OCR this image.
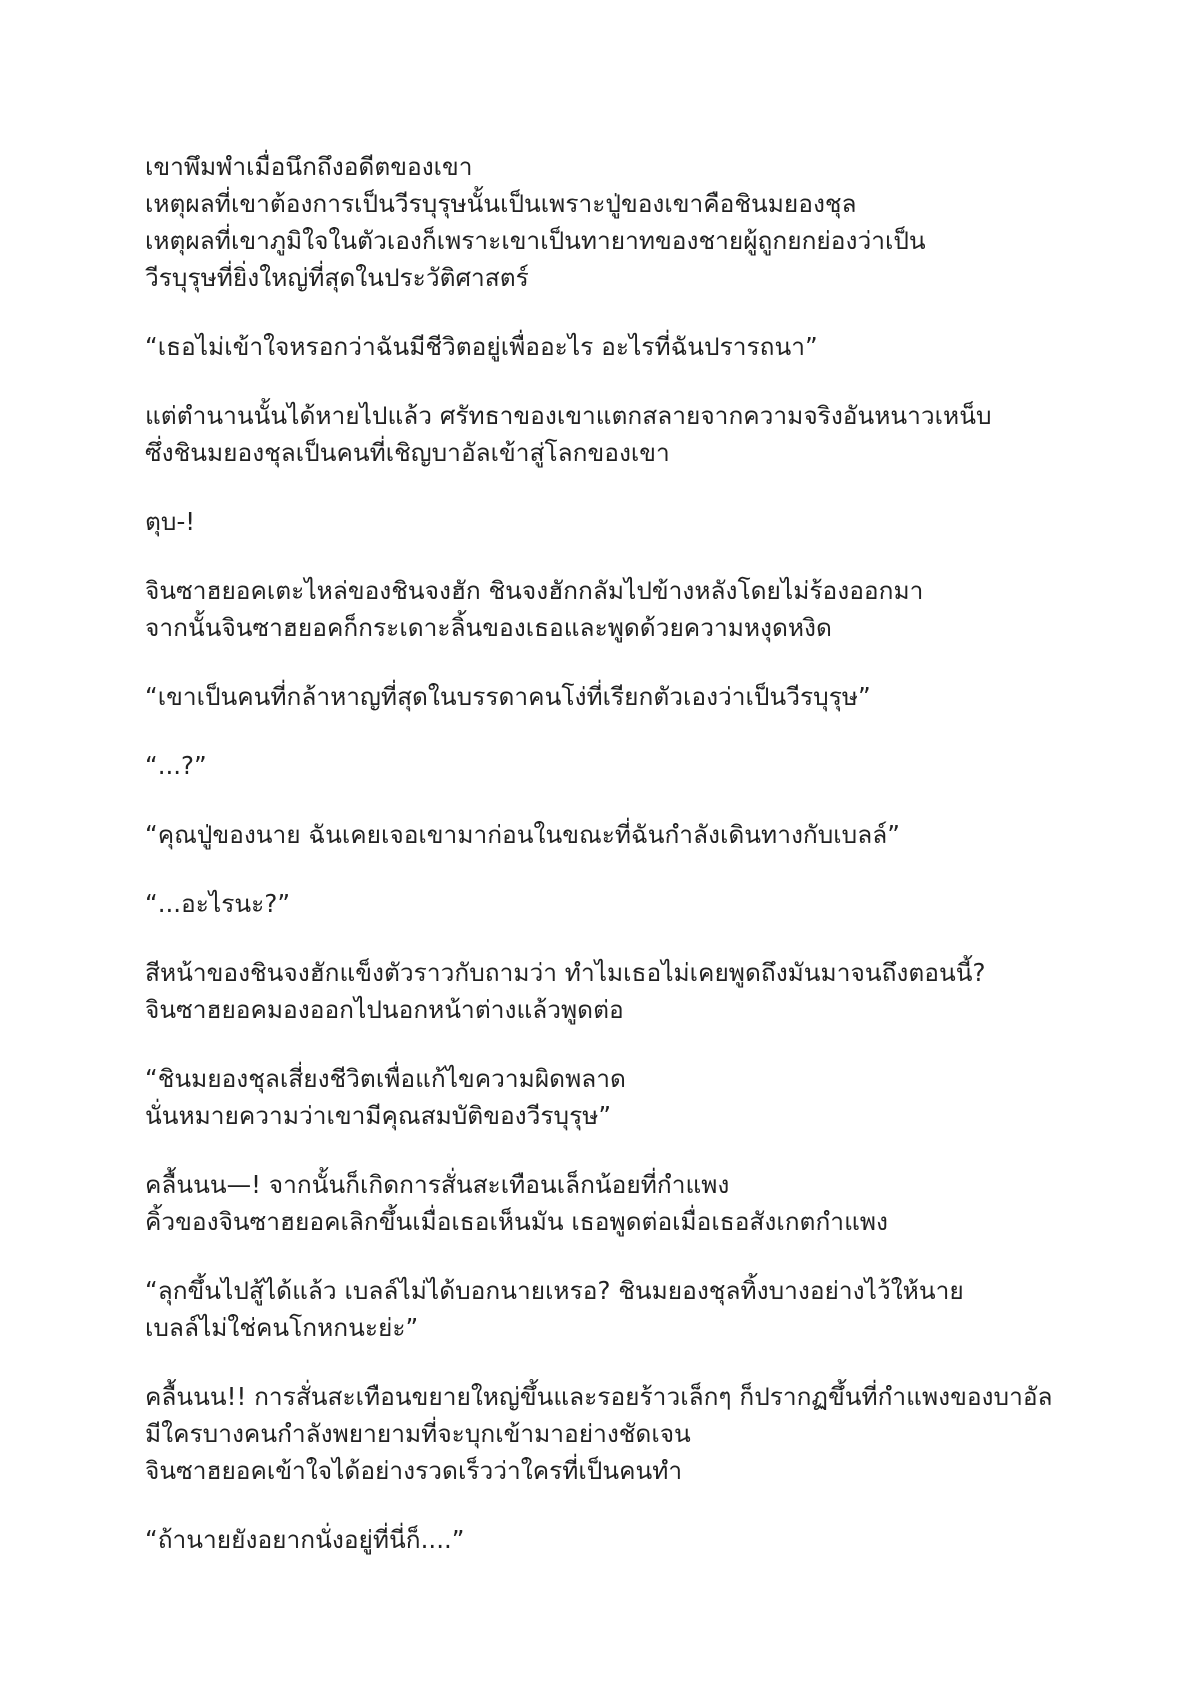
เขาพึมพำเมื่อนึกถึงอดีตของเขา
เหตุผลที่เขาต้องการเป็นวีรบุรุษนั้นเป็นเพราะปู่ของเขาคือชินมยองชุล
เหตุผลที่เขาภูมิใจในตัวเองก็เพราะเขาเป็นทายาทของชายผู้ถูกยกย่องว่าเป็น
วีรบุรุษที่ยิ่งใหญ่ที่สุดในประวัติศาสตร์
“เธอไม่เข้าใจหรอกว่าฉันมีชีวิตอยู่เพื่ออะไร อะไรที่ฉันปรารถนา”
แต่ตำนานนั้นได้หายไปแล้ว ศรัทธาของเขาแตกสลายจากความจริงอันหนาวเหน็บ
ซึ่งชินมยองชุลเป็นคนที่เชิญบาอัลเข้าสู่โลกของเขา
ตุบ-!
จินซาฮยอคเตะไหล่ของชินจงฮัก ชินจงฮักกลัมไปข้างหลังโดยไม่ร้องออกมา
จากนั้นจินซาฮยอคก็กระเดาะลิ้นของเธอและพูดด้วยความหงุดหงิด
“เขาเป็นคนที่กล้าหาญที่สุดในบรรดาคนโง่ที่เรียกตัวเองว่าเป็นวีรบุรุษ”
“...?”
“คุณปู่ของนาย ฉันเคยเจอเขามาก่อนในขณะที่ฉันกำลังเดินทางกับเบลล์”
“...อะไรนะ?”
สีหน้าของชินจงฮักแข็งตัวราวกับถามว่า ทำไมเธอไม่เคยพูดถึงมันมาจนถึงตอนนี้?
จินซาฮยอคมองออกไปนอกหน้าต่างแล้วพูดต่อ
“ชินมยองชุลเสี่ยงชีวิตเพื่อแก้ไขความผิดพลาด
นั่นหมายความว่าเขามีคุณสมบัติของวีรบุรุษ”
คลื้นนน—! จากนั้นก็เกิดการสั่นสะเทือนเล็กน้อยที่กำแพง
คิ้วของจินซาฮยอคเลิกขึ้นเมื่อเธอเห็นมัน เธอพูดต่อเมื่อเธอสังเกตกำแพง
“ลุกขึ้นไปสู้ได้แล้ว เบลล์ไม่ได้บอกนายเหรอ? ชินมยองชุลทิ้งบางอย่างไว้ให้นาย
เบลล์ไม่ใช่คนโกหกนะย่ะ”
คลื้นนน!! การสั่นสะเทือนขยายใหญ่ขึ้นและรอยร้าวเล็กๆ ก็ปรากฏขึ้นที่กำแพงของบาอัล
มีใครบางคนกำลังพยายามที่จะบุกเข้ามาอย่างชัดเจน
จินซาฮยอคเข้าใจได้อย่างรวดเร็วว่าใครที่เป็นคนทำ
“ถ้านายยังอยากนั่งอยู่ที่นี่ก็....”
